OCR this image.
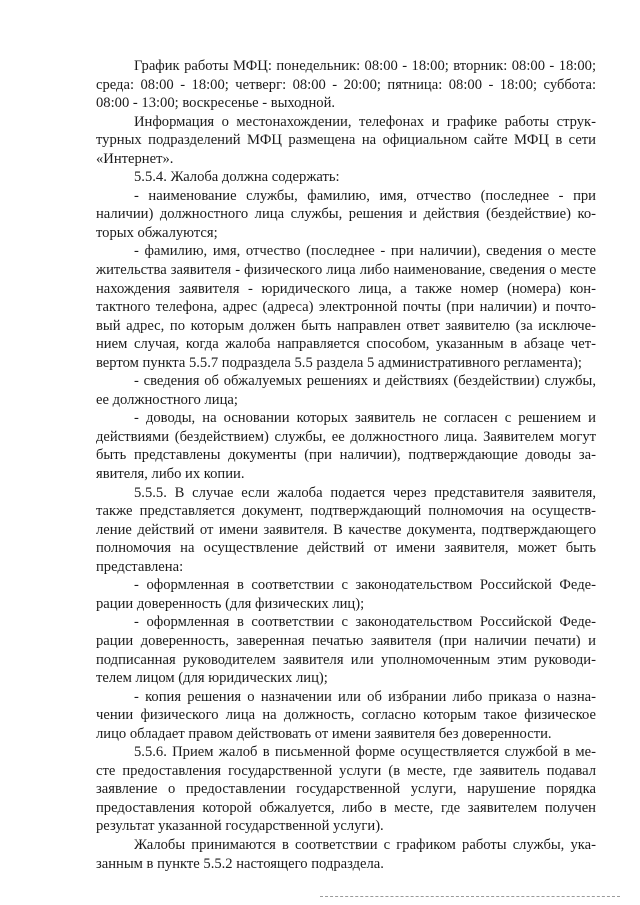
График работы МФЦ: понедельник: 08:00 - 18:00; вторник: 08:00 - 18:00; среда: 08:00 - 18:00; четверг: 08:00 - 20:00; пятница: 08:00 - 18:00; суббота: 08:00 - 13:00; воскресенье - выходной.

Информация о местонахождении, телефонах и графике работы структурных подразделений МФЦ размещена на официальном сайте МФЦ в сети «Интернет».

5.5.4. Жалоба должна содержать:

- наименование службы, фамилию, имя, отчество (последнее - при наличии) должностного лица службы, решения и действия (бездействие) которых обжалуются;

- фамилию, имя, отчество (последнее - при наличии), сведения о месте жительства заявителя - физического лица либо наименование, сведения о месте нахождения заявителя - юридического лица, а также номер (номера) контактного телефона, адрес (адреса) электронной почты (при наличии) и почтовый адрес, по которым должен быть направлен ответ заявителю (за исключением случая, когда жалоба направляется способом, указанным в абзаце четвертом пункта 5.5.7 подраздела 5.5 раздела 5 административного регламента);

- сведения об обжалуемых решениях и действиях (бездействии) службы, ее должностного лица;

- доводы, на основании которых заявитель не согласен с решением и действиями (бездействием) службы, ее должностного лица. Заявителем могут быть представлены документы (при наличии), подтверждающие доводы заявителя, либо их копии.

5.5.5. В случае если жалоба подается через представителя заявителя, также представляется документ, подтверждающий полномочия на осуществление действий от имени заявителя. В качестве документа, подтверждающего полномочия на осуществление действий от имени заявителя, может быть представлена:

- оформленная в соответствии с законодательством Российской Федерации доверенность (для физических лиц);

- оформленная в соответствии с законодательством Российской Федерации доверенность, заверенная печатью заявителя (при наличии печати) и подписанная руководителем заявителя или уполномоченным этим руководителем лицом (для юридических лиц);

- копия решения о назначении или об избрании либо приказа о назначении физического лица на должность, согласно которым такое физическое лицо обладает правом действовать от имени заявителя без доверенности.

5.5.6. Прием жалоб в письменной форме осуществляется службой в месте предоставления государственной услуги (в месте, где заявитель подавал заявление о предоставлении государственной услуги, нарушение порядка предоставления которой обжалуется, либо в месте, где заявителем получен результат указанной государственной услуги).

Жалобы принимаются в соответствии с графиком работы службы, указанным в пункте 5.5.2 настоящего подраздела.
